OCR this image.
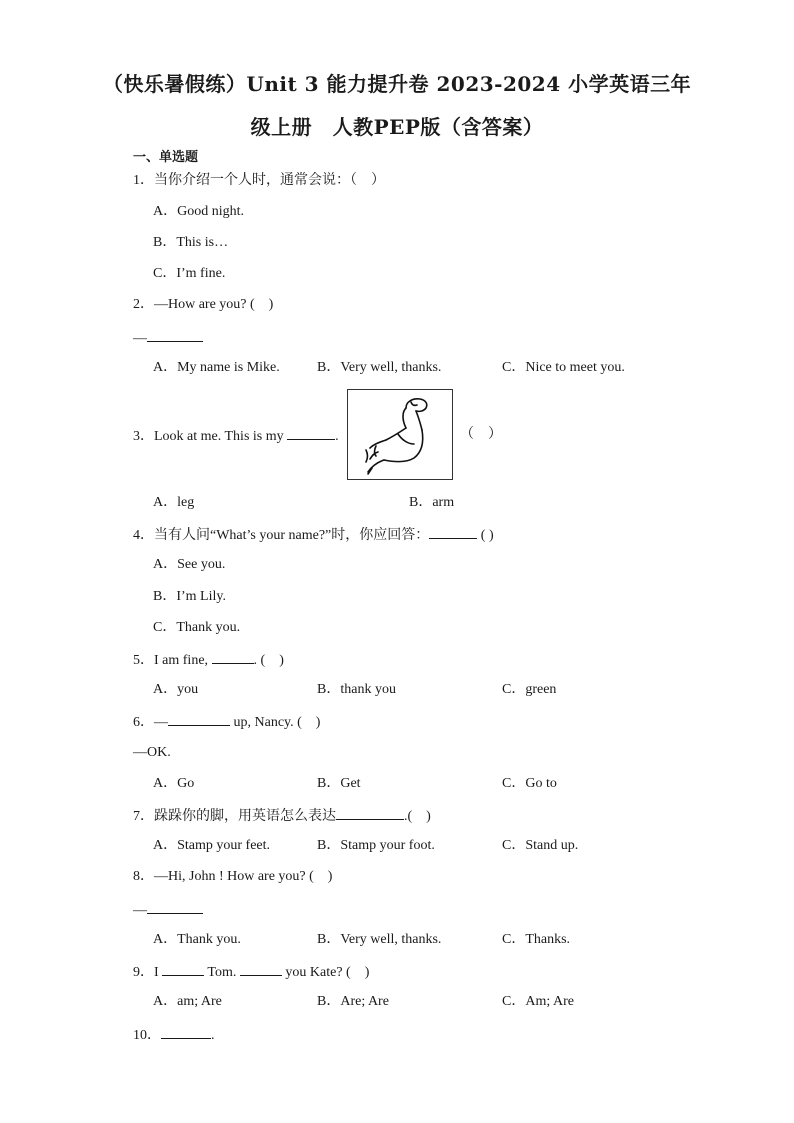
（快乐暑假练）Unit 3 能力提升卷 2023-2024 小学英语三年
级上册　人教PEP版（含答案）
一、单选题
1．当你介绍一个人时，通常会说：（　）
A．Good night.
B．This is…
C．I’m fine.
2．—How are you? (　)
—
A．My name is Mike.	B．Very well, thanks.	C．Nice to meet you.
3．Look at me. This is my	.	（　）
A．leg	B．arm
4．当有人问“What’s your name?”时，你应回答：	( )
A．See you.
B．I’m Lily.
C．Thank you.
5．I am fine,	. (　)
A．you	B．thank you	C．green
6．—	up, Nancy. (　)
—OK.
A．Go	B．Get	C．Go to
7．跺跺你的脚，用英语怎么表达	.(　)
A．Stamp your feet.	B．Stamp your foot.	C．Stand up.
8．—Hi, John ! How are you? (　)
—
A．Thank you.	B．Very well, thanks.	C．Thanks.
9．I	Tom.	you Kate? (　)
A．am; Are	B．Are; Are	C．Am; Are
10．	.
